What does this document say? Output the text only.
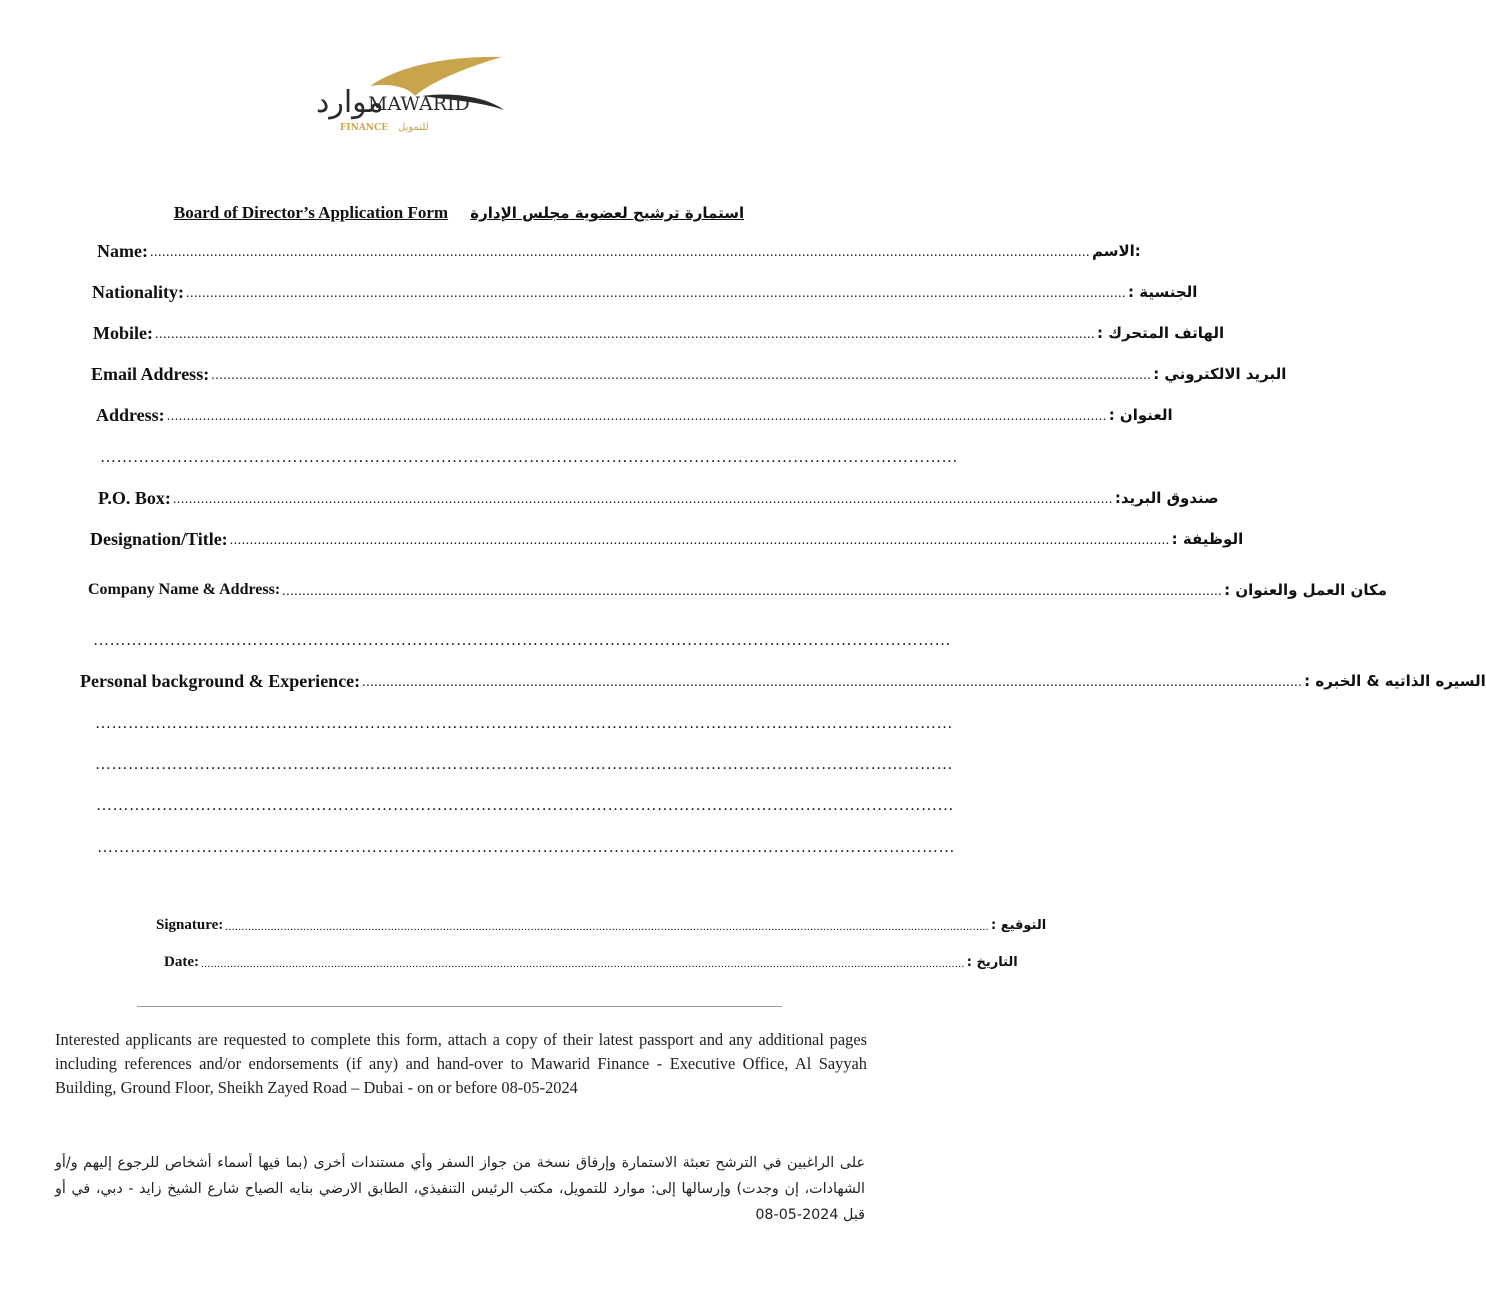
موارد
MAWARID
FINANCE للتمويل
Board of Director’s Application Form استمارة ترشيح لعضوية مجلس الإدارة
Name: ........................................................................................................................................................................................................................................... :الاسم
Nationality: ........................................................................................................................................................................................................................................... الجنسية :
Mobile: ........................................................................................................................................................................................................................................... الهاتف المتحرك :
Email Address: ........................................................................................................................................................................................................................................... البريد الالكتروني :
Address: ........................................................................................................................................................................................................................................... العنوان :
…………………………………………………………………………………………………………………………………………
P.O. Box: ........................................................................................................................................................................................................................................... صندوق البريد:
Designation/Title: ........................................................................................................................................................................................................................................... الوظيفة :
Company Name & Address: ........................................................................................................................................................................................................................................... مكان العمل والعنوان :
…………………………………………………………………………………………………………………………………………
Personal background & Experience: ........................................................................................................................................................................................................................................... السيره الذاتيه & الخبره :
…………………………………………………………………………………………………………………………………………
…………………………………………………………………………………………………………………………………………
…………………………………………………………………………………………………………………………………………
…………………………………………………………………………………………………………………………………………
Signature: ........................................................................................................................................................................................................................................... التوقيع :
Date: ........................................................................................................................................................................................................................................... التاريخ :
Interested applicants are requested to complete this form, attach a copy of their latest passport and any additional pages including references and/or endorsements (if any) and hand-over to Mawarid Finance - Executive Office, Al Sayyah Building, Ground Floor, Sheikh Zayed Road – Dubai - on or before 08-05-2024
على الراغبين في الترشح تعبئة الاستمارة وإرفاق نسخة من جواز السفر وأي مستندات أخرى (بما فيها أسماء أشخاص للرجوع إليهم و/أو الشهادات، إن وجدت) وإرسالها إلى: موارد للتمويل، مكتب الرئيس التنفيذي، الطابق الارضي بنايه الصياح شارع الشيخ زايد - دبي، في أو قبل 2024-05-08
